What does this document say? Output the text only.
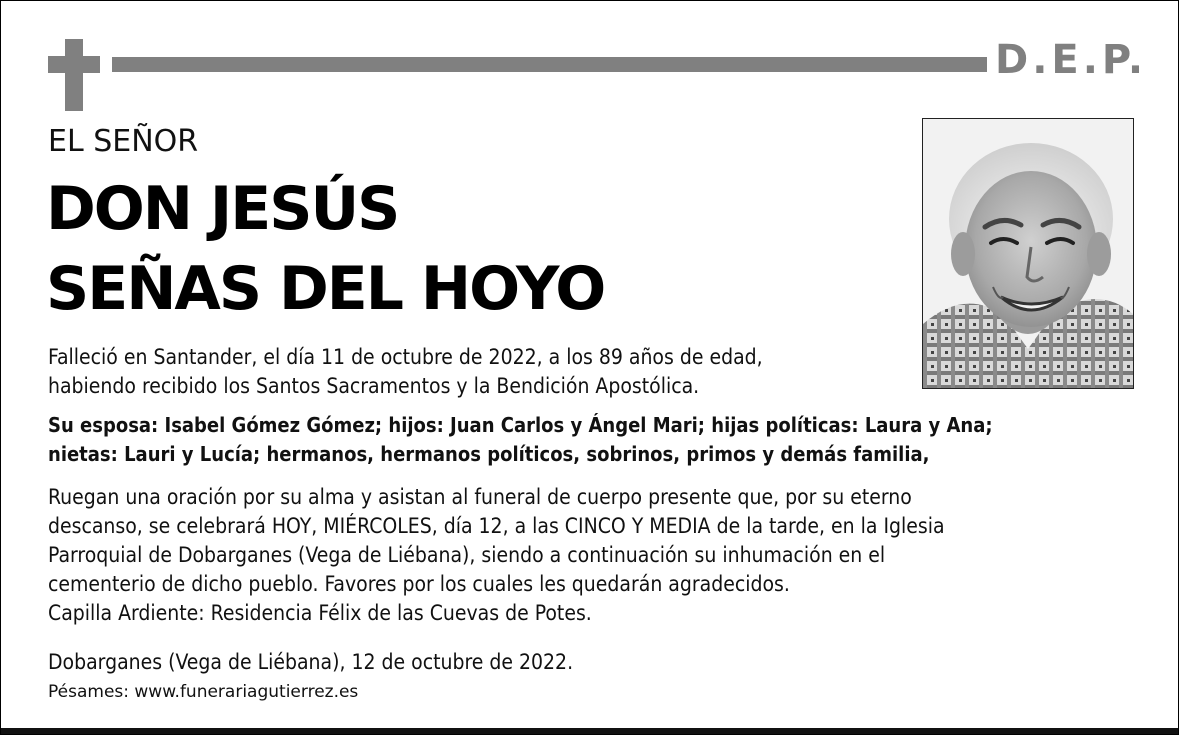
D.E.P.
EL SEÑOR
DON JESÚS
SEÑAS DEL HOYO
Falleció en Santander, el día 11 de octubre de 2022, a los 89 años de edad,
habiendo recibido los Santos Sacramentos y la Bendición Apostólica.
Su esposa: Isabel Gómez Gómez; hijos: Juan Carlos y Ángel Mari; hijas políticas: Laura y Ana;
nietas: Lauri y Lucía; hermanos, hermanos políticos, sobrinos, primos y demás familia,
Ruegan una oración por su alma y asistan al funeral de cuerpo presente que, por su eterno
descanso, se celebrará HOY, MIÉRCOLES, día 12, a las CINCO Y MEDIA de la tarde, en la Iglesia
Parroquial de Dobarganes (Vega de Liébana), siendo a continuación su inhumación en el
cementerio de dicho pueblo. Favores por los cuales les quedarán agradecidos.
Capilla Ardiente: Residencia Félix de las Cuevas de Potes.
Dobarganes (Vega de Liébana), 12 de octubre de 2022.
Pésames: www.funerariagutierrez.es
